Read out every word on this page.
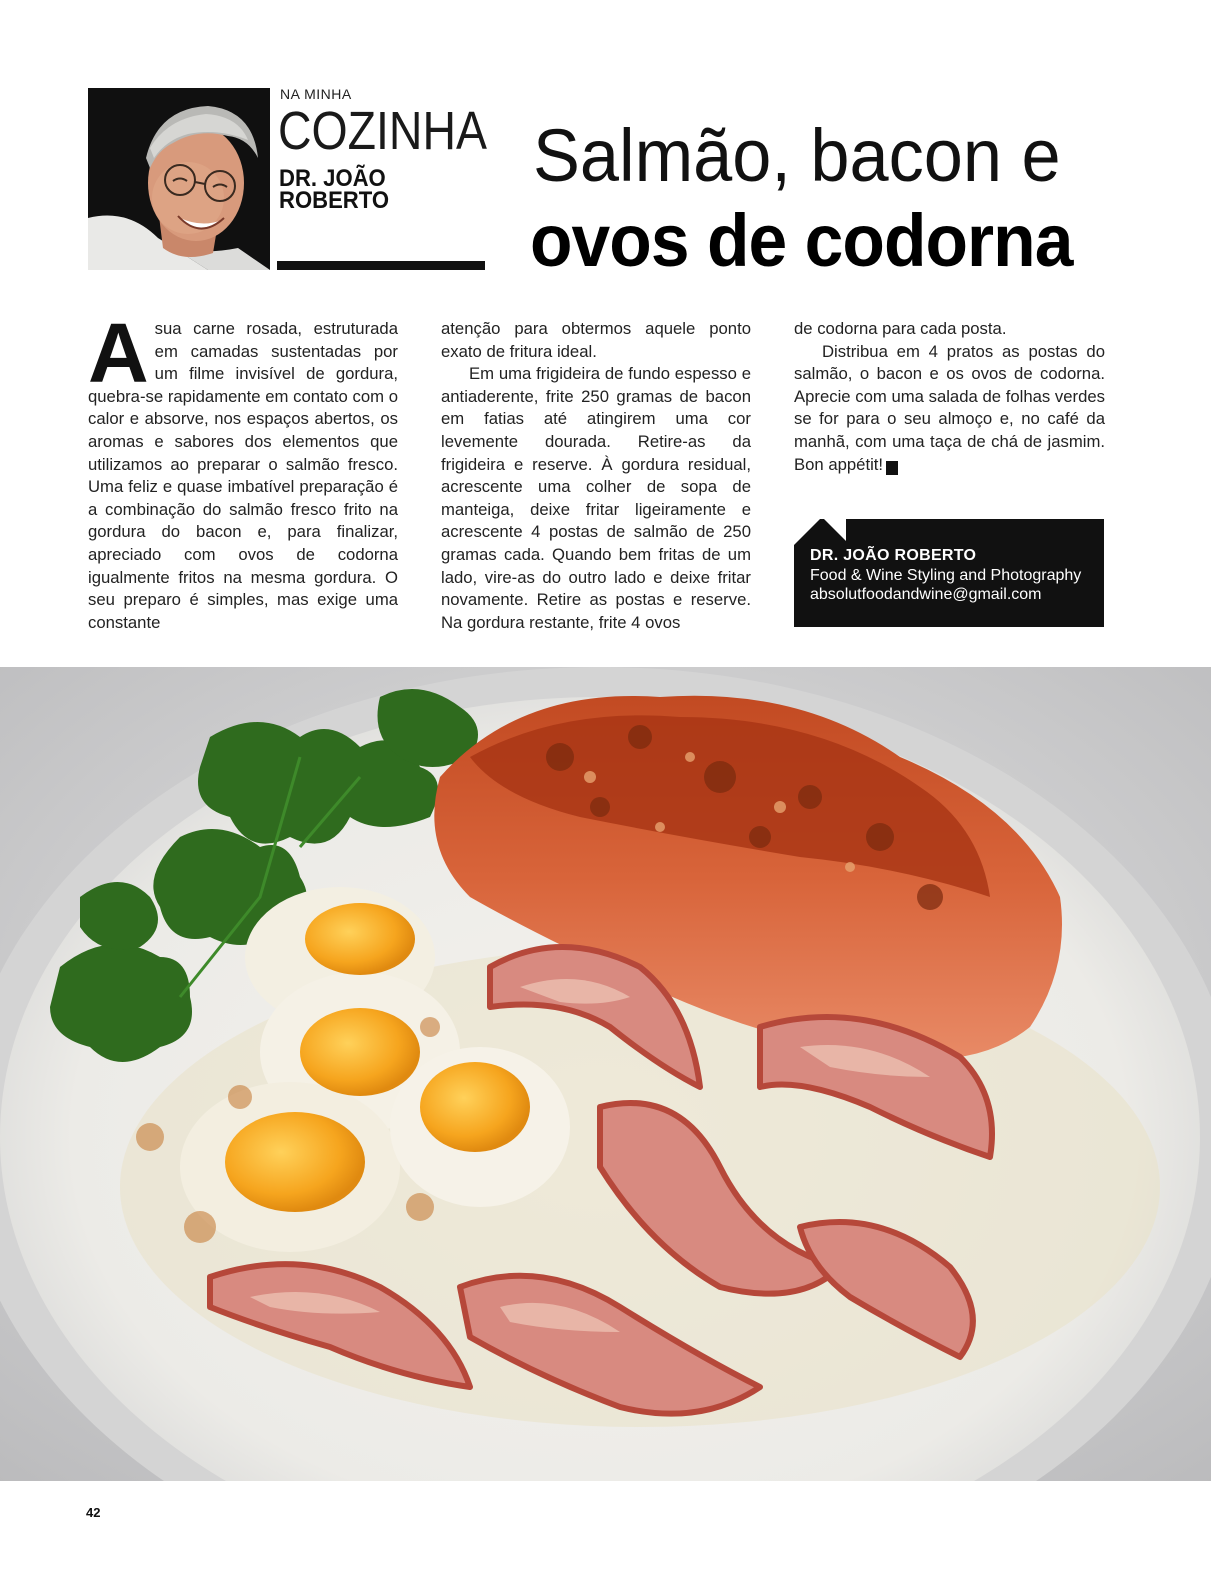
NA MINHA
COZINHA
DR. JOÃO
ROBERTO
Salmão, bacon e
ovos de codorna

Asua carne rosada, estruturada em camadas sustentadas por um filme invisível de gordura, quebra-se rapidamente em contato com o calor e absorve, nos espaços abertos, os aromas e sabores dos elementos que utilizamos ao preparar o salmão fresco. Uma feliz e quase imbatível preparação é a combinação do salmão fresco frito na gordura do bacon e, para finalizar, apreciado com ovos de codorna igualmente fritos na mesma gordura. O seu preparo é simples, mas exige uma constante

atenção para obtermos aquele ponto exato de fritura ideal.

Em uma frigideira de fundo espesso e antiaderente, frite 250 gramas de bacon em fatias até atingirem uma cor levemente dourada. Retire-as da frigideira e reserve. À gordura residual, acrescente uma colher de sopa de manteiga, deixe fritar ligeiramente e acrescente 4 postas de salmão de 250 gramas cada. Quando bem fritas de um lado, vire-as do outro lado e deixe fritar novamente. Retire as postas e reserve. Na gordura restante, frite 4 ovos

de codorna para cada posta.

Distribua em 4 pratos as postas do salmão, o bacon e os ovos de codorna. Aprecie com uma salada de folhas verdes se for para o seu almoço e, no café da manhã, com uma taça de chá de jasmim. Bon appétit!	r

DR. JOÃO ROBERTO
Food & Wine Styling and Photography
absolutfoodandwine@gmail.com
42
